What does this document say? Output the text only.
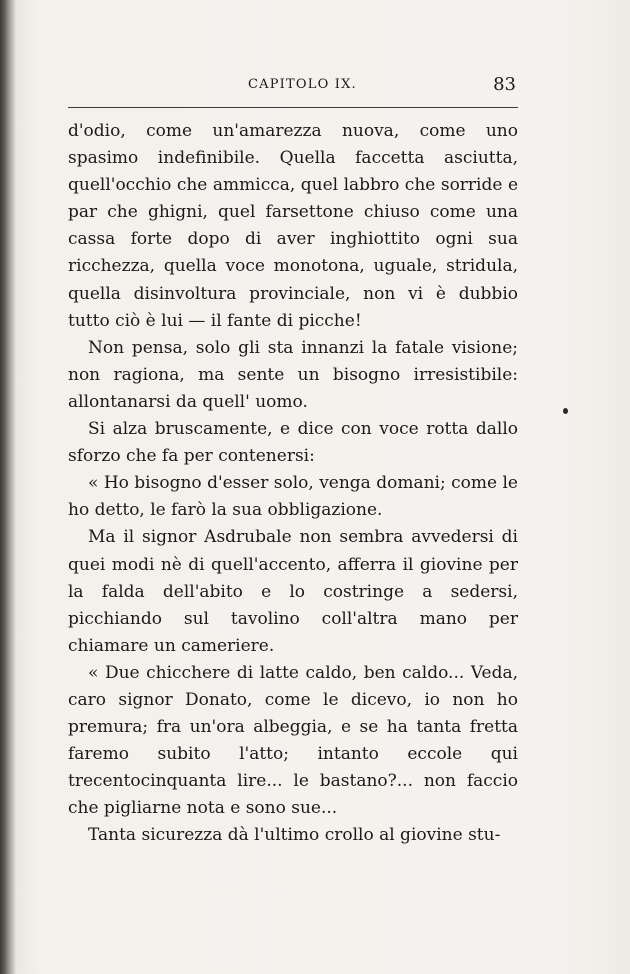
CAPITOLO IX.	83

d'odio, come un'amarezza nuova, come uno spasimo indefinibile. Quella faccetta asciutta, quell'occhio che ammicca, quel labbro che sorride e par che ghigni, quel farsettone chiuso come una cassa forte dopo di aver inghiottito ogni sua ricchezza, quella voce monotona, uguale, stridula, quella disinvoltura provinciale, non vi è dubbio tutto ciò è lui — il fante di picche!

Non pensa, solo gli sta innanzi la fatale visione; non ragiona, ma sente un bisogno irresistibile: allontanarsi da quell' uomo.

Si alza bruscamente, e dice con voce rotta dallo sforzo che fa per contenersi:

« Ho bisogno d'esser solo, venga domani; come le ho detto, le farò la sua obbligazione.

Ma il signor Asdrubale non sembra avvedersi di quei modi nè di quell'accento, afferra il giovine per la falda dell'abito e lo costringe a sedersi, picchiando sul tavolino coll'altra mano per chiamare un cameriere.

« Due chicchere di latte caldo, ben caldo... Veda, caro signor Donato, come le dicevo, io non ho premura; fra un'ora albeggia, e se ha tanta fretta faremo subito l'atto; intanto eccole qui trecentocinquanta lire... le bastano?... non faccio che pigliarne nota e sono sue...

Tanta sicurezza dà l'ultimo crollo al giovine stu-
